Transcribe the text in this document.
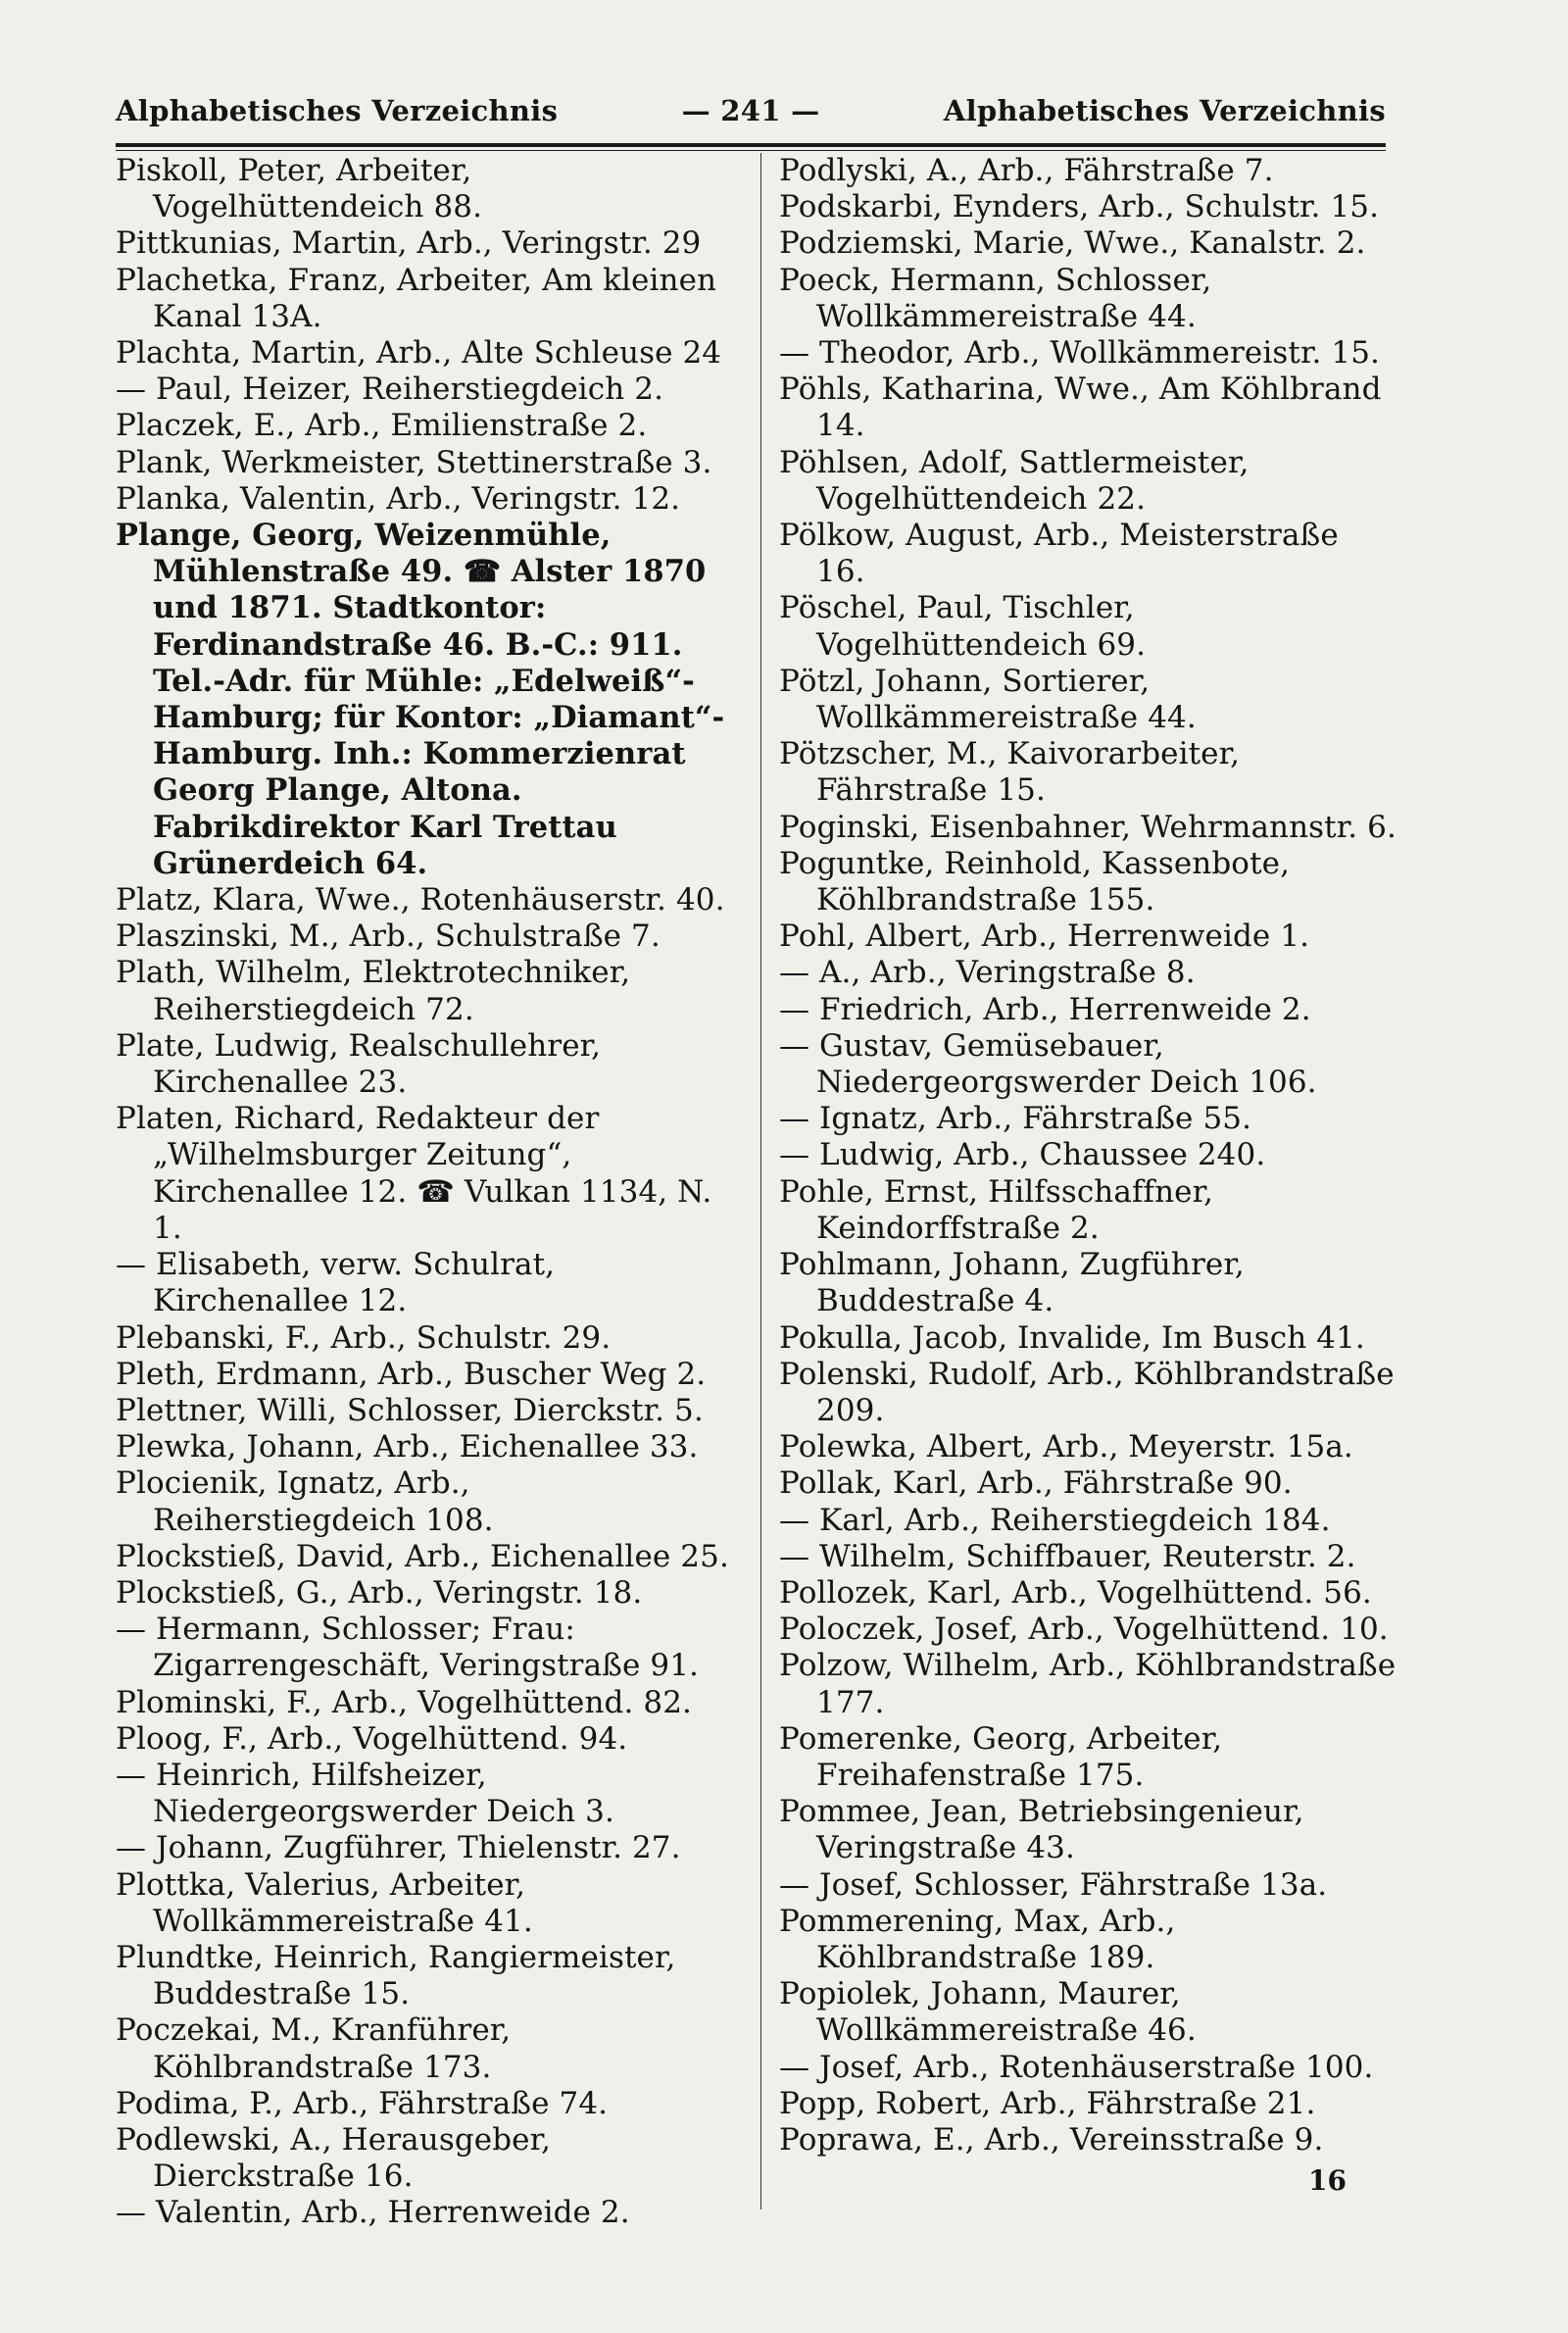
Alphabetisches Verzeichnis	— 241 —	Alphabetisches Verzeichnis

Piskoll, Peter, Arbeiter, Vogelhüttendeich 88.

Pittkunias, Martin, Arb., Veringstr. 29

Plachetka, Franz, Arbeiter, Am kleinen Kanal 13A.

Plachta, Martin, Arb., Alte Schleuse 24

— Paul, Heizer, Reiherstiegdeich 2.

Placzek, E., Arb., Emilienstraße 2.

Plank, Werkmeister, Stettinerstraße 3.

Planka, Valentin, Arb., Veringstr. 12.

Plange, Georg, Weizenmühle, Mühlenstraße 49. ☎ Alster 1870 und 1871. Stadtkontor: Ferdinandstraße 46. B.-C.: 911. Tel.-Adr. für Mühle: „Edelweiß“-Hamburg; für Kontor: „Diamant“-Hamburg. Inh.: Kommerzienrat Georg Plange, Altona. Fabrikdirektor Karl Trettau Grünerdeich 64.

Platz, Klara, Wwe., Rotenhäuserstr. 40.

Plaszinski, M., Arb., Schulstraße 7.

Plath, Wilhelm, Elektrotechniker, Reiherstiegdeich 72.

Plate, Ludwig, Realschullehrer, Kirchenallee 23.

Platen, Richard, Redakteur der „Wilhelmsburger Zeitung“, Kirchenallee 12. ☎ Vulkan 1134, N. 1.

— Elisabeth, verw. Schulrat, Kirchenallee 12.

Plebanski, F., Arb., Schulstr. 29.

Pleth, Erdmann, Arb., Buscher Weg 2.

Plettner, Willi, Schlosser, Dierckstr. 5.

Plewka, Johann, Arb., Eichenallee 33.

Plocienik, Ignatz, Arb., Reiherstiegdeich 108.

Plockstieß, David, Arb., Eichenallee 25.

Plockstieß, G., Arb., Veringstr. 18.

— Hermann, Schlosser; Frau: Zigarrengeschäft, Veringstraße 91.

Plominski, F., Arb., Vogelhüttend. 82.

Ploog, F., Arb., Vogelhüttend. 94.

— Heinrich, Hilfsheizer, Niedergeorgswerder Deich 3.

— Johann, Zugführer, Thielenstr. 27.

Plottka, Valerius, Arbeiter, Wollkämmereistraße 41.

Plundtke, Heinrich, Rangiermeister, Buddestraße 15.

Poczekai, M., Kranführer, Köhlbrandstraße 173.

Podima, P., Arb., Fährstraße 74.

Podlewski, A., Herausgeber, Dierckstraße 16.

— Valentin, Arb., Herrenweide 2.

Podlyski, A., Arb., Fährstraße 7.

Podskarbi, Eynders, Arb., Schulstr. 15.

Podziemski, Marie, Wwe., Kanalstr. 2.

Poeck, Hermann, Schlosser, Wollkämmereistraße 44.

— Theodor, Arb., Wollkämmereistr. 15.

Pöhls, Katharina, Wwe., Am Köhlbrand 14.

Pöhlsen, Adolf, Sattlermeister, Vogelhüttendeich 22.

Pölkow, August, Arb., Meisterstraße 16.

Pöschel, Paul, Tischler, Vogelhüttendeich 69.

Pötzl, Johann, Sortierer, Wollkämmereistraße 44.

Pötzscher, M., Kaivorarbeiter, Fährstraße 15.

Poginski, Eisenbahner, Wehrmannstr. 6.

Poguntke, Reinhold, Kassenbote, Köhlbrandstraße 155.

Pohl, Albert, Arb., Herrenweide 1.

— A., Arb., Veringstraße 8.

— Friedrich, Arb., Herrenweide 2.

— Gustav, Gemüsebauer, Niedergeorgswerder Deich 106.

— Ignatz, Arb., Fährstraße 55.

— Ludwig, Arb., Chaussee 240.

Pohle, Ernst, Hilfsschaffner, Keindorffstraße 2.

Pohlmann, Johann, Zugführer, Buddestraße 4.

Pokulla, Jacob, Invalide, Im Busch 41.

Polenski, Rudolf, Arb., Köhlbrandstraße 209.

Polewka, Albert, Arb., Meyerstr. 15a.

Pollak, Karl, Arb., Fährstraße 90.

— Karl, Arb., Reiherstiegdeich 184.

— Wilhelm, Schiffbauer, Reuterstr. 2.

Pollozek, Karl, Arb., Vogelhüttend. 56.

Poloczek, Josef, Arb., Vogelhüttend. 10.

Polzow, Wilhelm, Arb., Köhlbrandstraße 177.

Pomerenke, Georg, Arbeiter, Freihafenstraße 175.

Pommee, Jean, Betriebsingenieur, Veringstraße 43.

— Josef, Schlosser, Fährstraße 13a.

Pommerening, Max, Arb., Köhlbrandstraße 189.

Popiolek, Johann, Maurer, Wollkämmereistraße 46.

— Josef, Arb., Rotenhäuserstraße 100.

Popp, Robert, Arb., Fährstraße 21.

Poprawa, E., Arb., Vereinsstraße 9.

16
